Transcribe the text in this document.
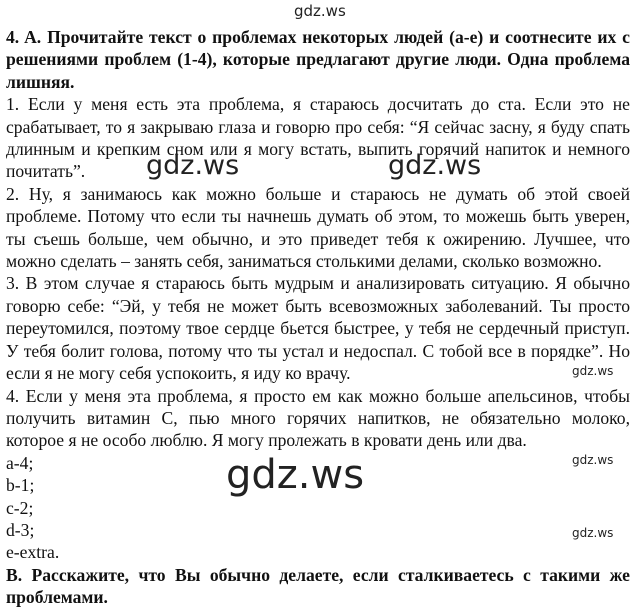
4. A. Прочитайте текст о проблемах некоторых людей (a-e) и соотнесите их с решениями проблем (1-4), которые предлагают другие люди. Одна проблема лишняя.

1. Если у меня есть эта проблема, я стараюсь досчитать до ста. Если это не срабатывает, то я закрываю глаза и говорю про себя: “Я сейчас засну, я буду спать длинным и крепким сном или я могу встать, выпить горячий напиток и немного почитать”.

2. Ну, я занимаюсь как можно больше и стараюсь не думать об этой своей проблеме. Потому что если ты начнешь думать об этом, то можешь быть уверен, ты съешь больше, чем обычно, и это приведет тебя к ожирению. Лучшее, что можно сделать – занять себя, заниматься столькими делами, сколько возможно.

3. В этом случае я стараюсь быть мудрым и анализировать ситуацию. Я обычно говорю себе: “Эй, у тебя не может быть всевозможных заболеваний. Ты просто переутомился, поэтому твое сердце бьется быстрее, у тебя не сердечный приступ. У тебя болит голова, потому что ты устал и недоспал. С тобой все в порядке”. Но если я не могу себя успокоить, я иду ко врачу.

4. Если у меня эта проблема, я просто ем как можно больше апельсинов, чтобы получить витамин C, пью много горячих напитков, не обязательно молоко, которое я не особо люблю. Я могу пролежать в кровати день или два.

a-4;
b-1;
c-2;
d-3;
e-extra.

B. Расскажите, что Вы обычно делаете, если сталкиваетесь с такими же проблемами.

gdz.ws
gdz.ws	gdz.ws
gdz.ws
gdz.ws
gdz.ws
gdz.ws
